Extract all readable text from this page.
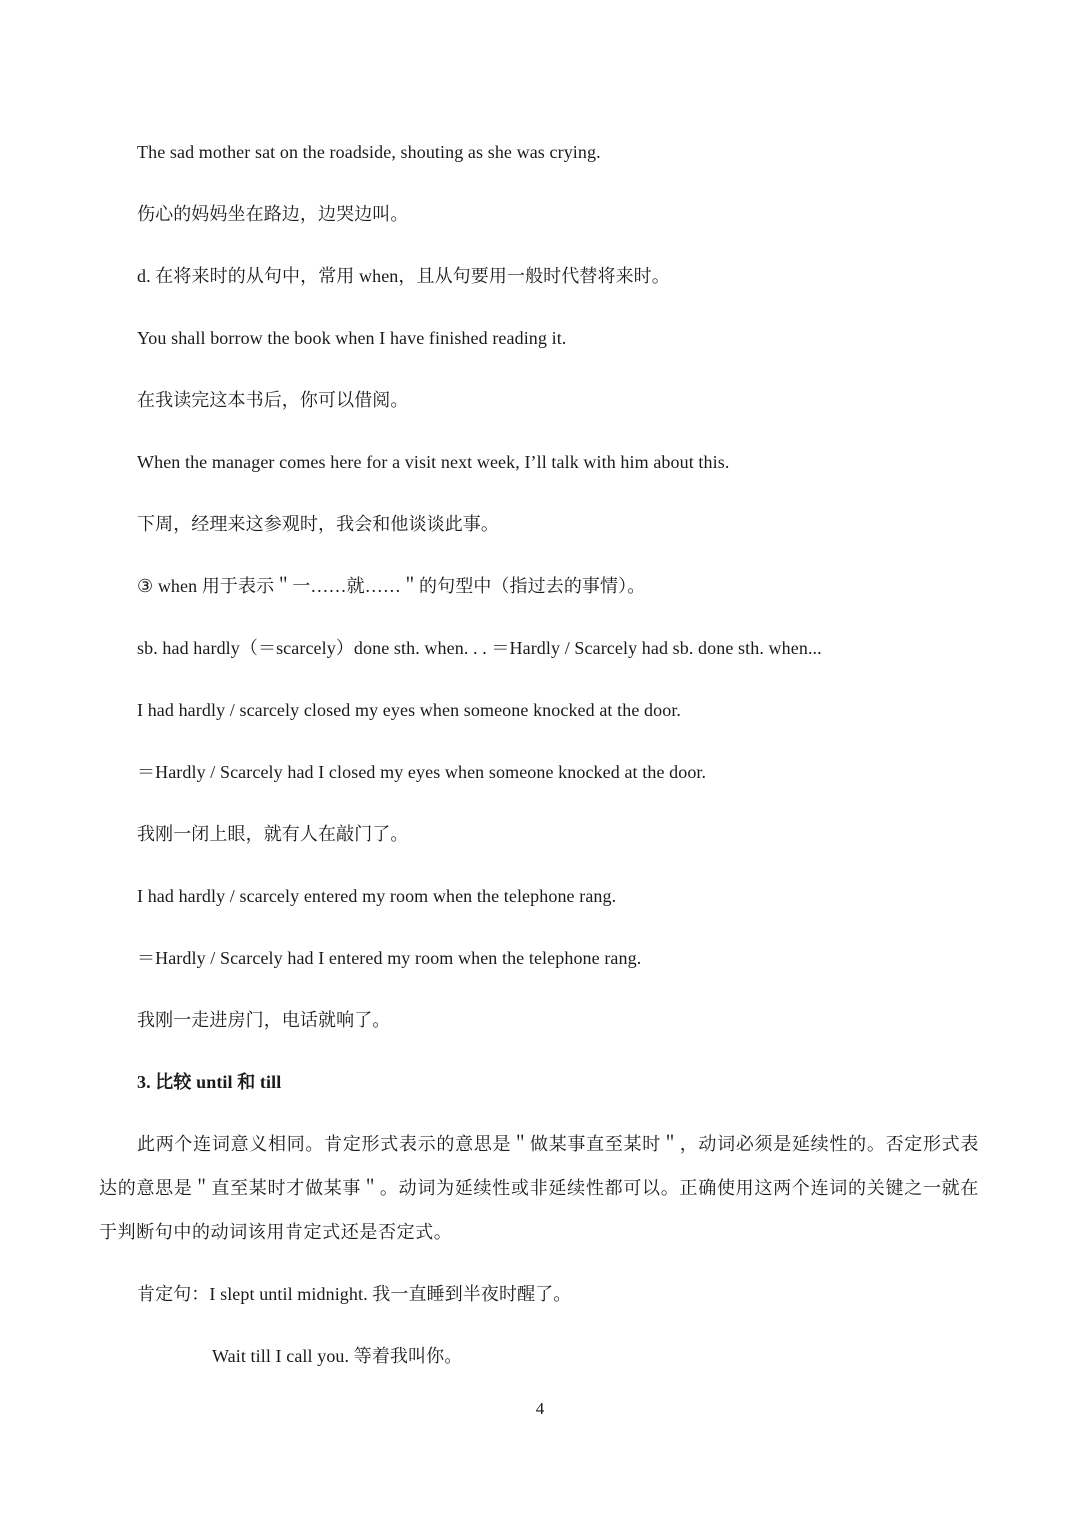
The sad mother sat on the roadside, shouting as she was crying.
伤心的妈妈坐在路边，边哭边叫。
d. 在将来时的从句中，常用 when，且从句要用一般时代替将来时。
You shall borrow the book when I have finished reading it.
在我读完这本书后，你可以借阅。
When the manager comes here for a visit next week, I’ll talk with him about this.
下周，经理来这参观时，我会和他谈谈此事。
③ when 用于表示＂一……就……＂的句型中（指过去的事情）。
sb. had hardly（＝scarcely）done sth. when. . . ＝Hardly / Scarcely had sb. done sth. when...
I had hardly / scarcely closed my eyes when someone knocked at the door.
＝Hardly / Scarcely had I closed my eyes when someone knocked at the door.
我刚一闭上眼，就有人在敲门了。
I had hardly / scarcely entered my room when the telephone rang.
＝Hardly / Scarcely had I entered my room when the telephone rang.
我刚一走进房门，电话就响了。
3. 比较 until 和 till
此两个连词意义相同。肯定形式表示的意思是＂做某事直至某时＂，动词必须是延续性的。否定形式表达的意思是＂直至某时才做某事＂。动词为延续性或非延续性都可以。正确使用这两个连词的关键之一就在于判断句中的动词该用肯定式还是否定式。
肯定句：I slept until midnight. 我一直睡到半夜时醒了。
Wait till I call you. 等着我叫你。
4
